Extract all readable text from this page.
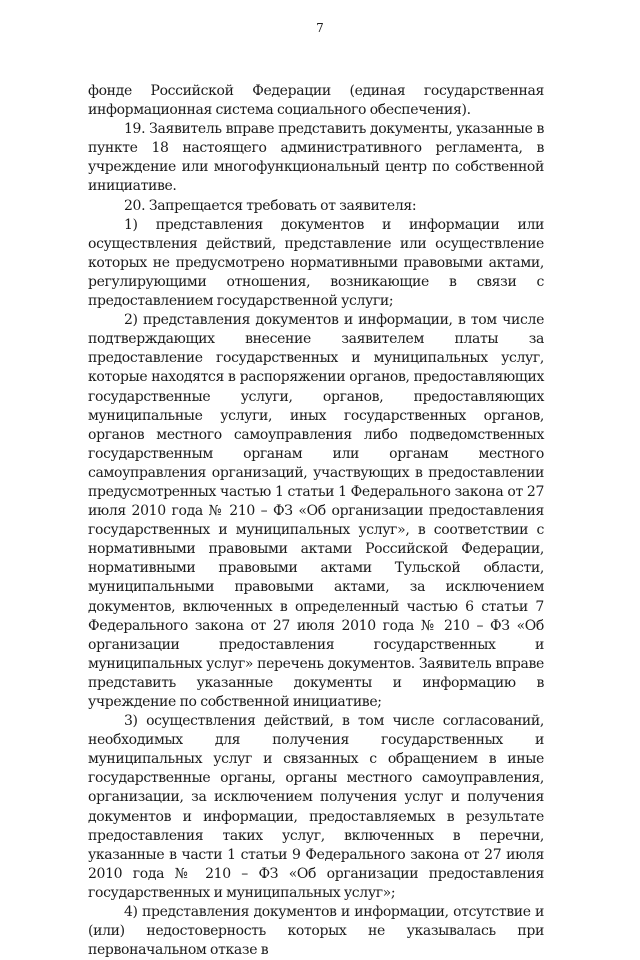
7

фонде Российской Федерации (единая государственная информационная система социального обеспечения).

19. Заявитель вправе представить документы, указанные в пункте 18 настоящего административного регламента, в учреждение или многофункциональный центр по собственной инициативе.

20. Запрещается требовать от заявителя:

1) представления документов и информации или осуществления действий, представление или осуществление которых не предусмотрено нормативными правовыми актами, регулирующими отношения, возникающие в связи с предоставлением государственной услуги;

2) представления документов и информации, в том числе подтверждающих внесение заявителем платы за предоставление государственных и муниципальных услуг, которые находятся в распоряжении органов, предоставляющих государственные услуги, органов, предоставляющих муниципальные услуги, иных государственных органов, органов местного самоуправления либо подведомственных государственным органам или органам местного самоуправления организаций, участвующих в предоставлении предусмотренных частью 1 статьи 1 Федерального закона от 27 июля 2010 года № 210 – ФЗ «Об организации предоставления государственных и муниципальных услуг», в соответствии с нормативными правовыми актами Российской Федерации, нормативными правовыми актами Тульской области, муниципальными правовыми актами, за исключением документов, включенных в определенный частью 6 статьи 7 Федерального закона от 27 июля 2010 года № 210 – ФЗ «Об организации предоставления государственных и муниципальных услуг» перечень документов. Заявитель вправе представить указанные документы и информацию в учреждение по собственной инициативе;

3) осуществления действий, в том числе согласований, необходимых для получения государственных и муниципальных услуг и связанных с обращением в иные государственные органы, органы местного самоуправления, организации, за исключением получения услуг и получения документов и информации, предоставляемых в результате предоставления таких услуг, включенных в перечни, указанные в части 1 статьи 9 Федерального закона от 27 июля 2010 года № 210 – ФЗ «Об организации предоставления государственных и муниципальных услуг»;

4) представления документов и информации, отсутствие и (или) недостоверность которых не указывалась при первоначальном отказе в
